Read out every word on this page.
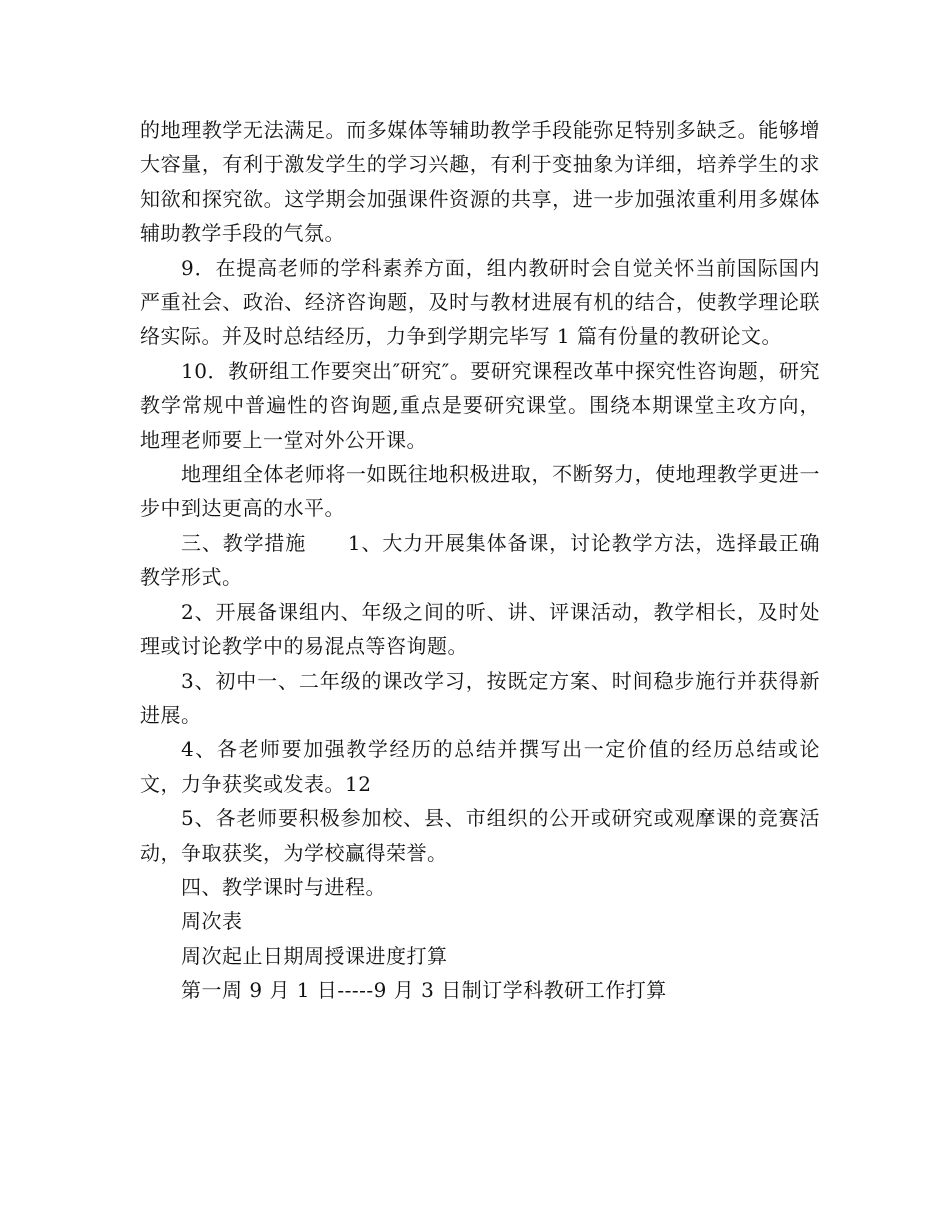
的地理教学无法满足。而多媒体等辅助教学手段能弥足特别多缺乏。能够增大容量，有利于激发学生的学习兴趣，有利于变抽象为详细，培养学生的求知欲和探究欲。这学期会加强课件资源的共享，进一步加强浓重利用多媒体辅助教学手段的气氛。

9．在提高老师的学科素养方面，组内教研时会自觉关怀当前国际国内严重社会、政治、经济咨询题，及时与教材进展有机的结合，使教学理论联络实际。并及时总结经历，力争到学期完毕写 1 篇有份量的教研论文。

10．教研组工作要突出″研究″。要研究课程改革中探究性咨询题，研究教学常规中普遍性的咨询题,重点是要研究课堂。围绕本期课堂主攻方向，地理老师要上一堂对外公开课。

地理组全体老师将一如既往地积极进取，不断努力，使地理教学更进一步中到达更高的水平。

三、教学措施　　1、大力开展集体备课，讨论教学方法，选择最正确教学形式。

2、开展备课组内、年级之间的听、讲、评课活动，教学相长，及时处理或讨论教学中的易混点等咨询题。

3、初中一、二年级的课改学习，按既定方案、时间稳步施行并获得新进展。

4、各老师要加强教学经历的总结并撰写出一定价值的经历总结或论文，力争获奖或发表。12

5、各老师要积极参加校、县、市组织的公开或研究或观摩课的竞赛活动，争取获奖，为学校赢得荣誉。

四、教学课时与进程。

周次表

周次起止日期周授课进度打算

第一周 9 月 1 日-----9 月 3 日制订学科教研工作打算
